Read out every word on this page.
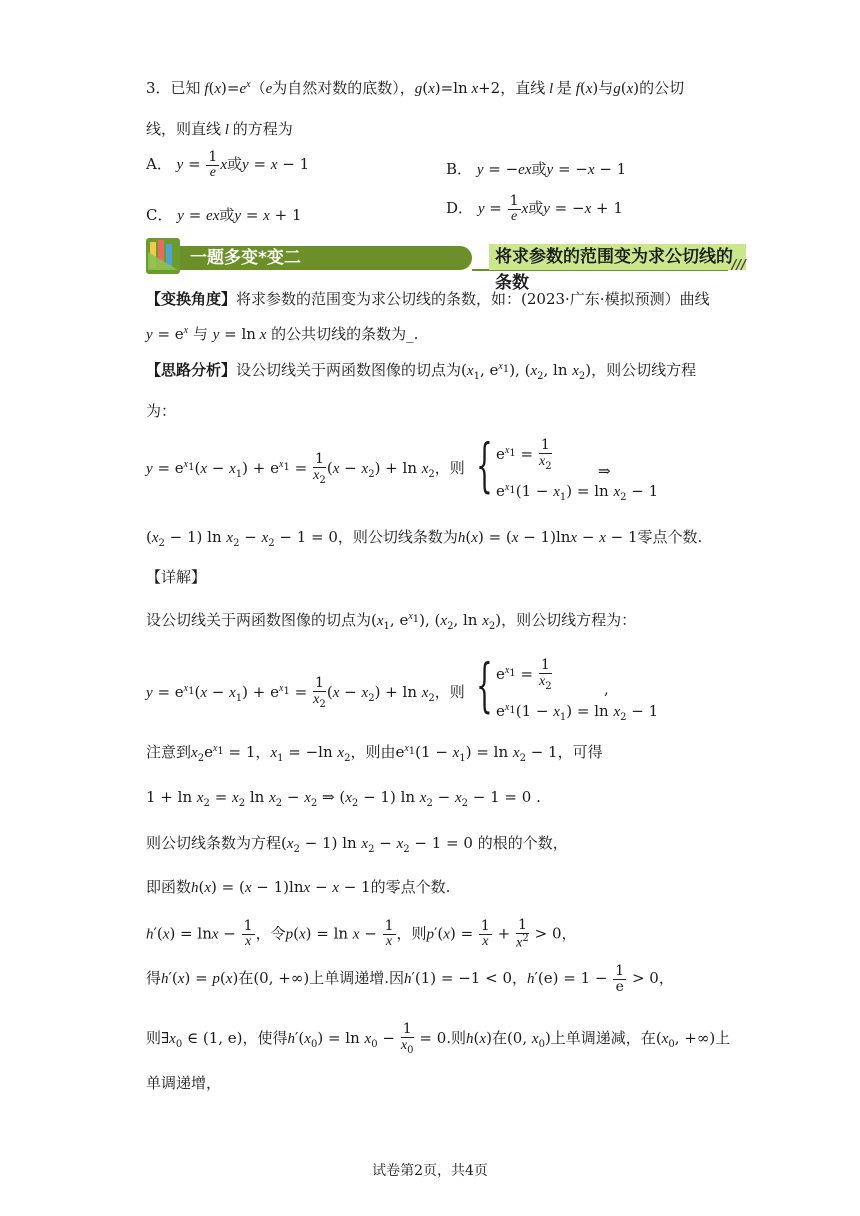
3．已知 $f(x)=e^x(e$为自然对数的底数），g(x)=ln x+2，直线 l 是 f(x)与g(x)的公切
线，则直线 l 的方程为
A． $y = \frac{1}{e}$ x或y = x − 1	B． y = −ex或y = −x − 1
C． y = ex或y = x + 1	D． $y = \frac{1}{e}$ x或y = −x + 1
一题多变*变二	将求参数的范围变为求公切线的条数
///
【变换角度】将求参数的范围变为求公切线的条数，如：(2023·广东·模拟预测）曲线
$y = e^x$ 与 y = ln x 的公共切线的条数为_.
【思路分析】设公切线关于两函数图像的切点为($x_1$, $e^{x_1}$), ($x_2$, $\ln x_2$)，则公切线方程
为：
$y = e^{x_1}(x - x_1) + e^{x_1} = \frac{1}{x_2} (x - x_2) + \ln x_2$，则 { $e^{x_1} = \frac{1}{x_2}$
$e^{x_1}(1 - x_1) = \ln x_2 - 1$
⇒
$(x_2 - 1)$ $\ln x_2 - x_2 - 1 = 0$，则公切线条数为h(x) = (x − 1)lnx − x − 1零点个数.
【详解】
设公切线关于两函数图像的切点为($x_1$, $e^{x_1}$), ($x_2$, $\ln x_2$)，则公切线方程为：
$y = e^{x_1}(x - x_1) + e^{x_1} = \frac{1}{x_2} (x - x_2) + \ln x_2$，则 { $e^{x_1} = \frac{1}{x_2}$
$e^{x_1}(1 - x_1) = \ln x_2 - 1$
,
注意到$x_2e^{x_1} = 1$，$x_1 = -\ln$ $x_2$，则由$e^{x_1}(1 - x_1) = \ln x_2 - 1$，可得
$1 + \ln x_2 = x_2$ $\ln x_2 - x_2$ ⇒ $(x_2 - 1)$ $\ln x_2 - x_2 - 1 = 0$ .
则公切线条数为方程$(x_2 - 1)$ $\ln x_2 - x_2 - 1 = 0$ 的根的个数，
即函数h(x) = (x − 1)lnx − x − 1的零点个数.
$h'(x) = \ln x - \frac{1}{x}$ ，令$p(x) = \ln x - \frac{1}{x}$ ，则$p'(x) = \frac{1}{x} + \frac{1}{x^2} > 0$，
得h′(x) = p(x)在(0, +∞)上单调递增.因h′(1) = −1 < 0，$h'(e) = 1 - \frac{1}{e} > 0$，
则$\exists x_0$ ∈ (1, e)，使得$h'(x_0) = \ln x_0 - \frac{1}{x_0} = 0$.则h(x)在(0, $x_0$)上单调递减，在($x_0$, +∞)上
单调递增，
试卷第2页，共4页
